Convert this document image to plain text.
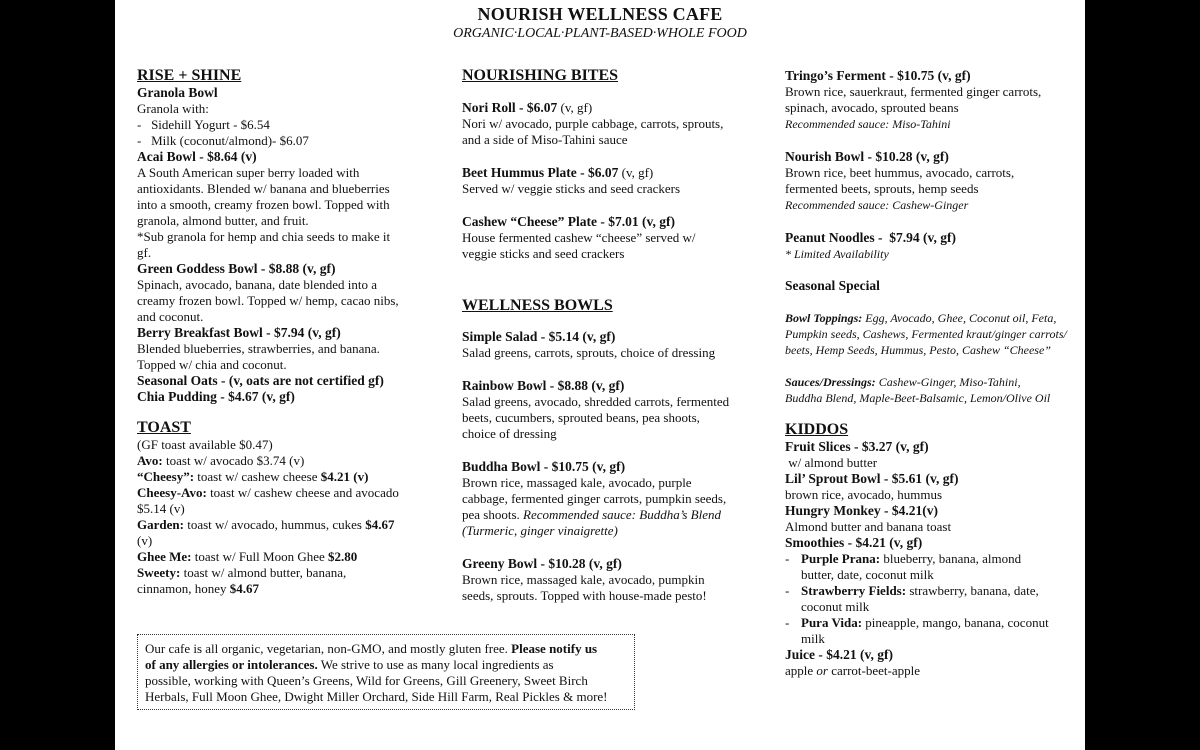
NOURISH WELLNESS CAFE
ORGANIC·LOCAL·PLANT-BASED·WHOLE FOOD
RISE + SHINE
Granola Bowl
Granola with:
-   Sidehill Yogurt - $6.54
-   Milk (coconut/almond)- $6.07
Acai Bowl - $8.64 (v)
A South American super berry loaded with
antioxidants. Blended w/ banana and blueberries
into a smooth, creamy frozen bowl. Topped with
granola, almond butter, and fruit.
*Sub granola for hemp and chia seeds to make it
gf.
Green Goddess Bowl - $8.88 (v, gf)
Spinach, avocado, banana, date blended into a
creamy frozen bowl. Topped w/ hemp, cacao nibs,
and coconut.
Berry Breakfast Bowl - $7.94 (v, gf)
Blended blueberries, strawberries, and banana.
Topped w/ chia and coconut.
Seasonal Oats - (v, oats are not certified gf)
Chia Pudding - $4.67 (v, gf)
TOAST
(GF toast available $0.47)
Avo: toast w/ avocado $3.74 (v)
“Cheesy”: toast w/ cashew cheese $4.21 (v)
Cheesy-Avo: toast w/ cashew cheese and avocado
$5.14 (v)
Garden: toast w/ avocado, hummus, cukes $4.67
(v)
Ghee Me: toast w/ Full Moon Ghee $2.80
Sweety: toast w/ almond butter, banana,
cinnamon, honey $4.67
Our cafe is all organic, vegetarian, non-GMO, and mostly gluten free. Please notify us
of any allergies or intolerances. We strive to use as many local ingredients as
possible, working with Queen’s Greens, Wild for Greens, Gill Greenery, Sweet Birch
Herbals, Full Moon Ghee, Dwight Miller Orchard, Side Hill Farm, Real Pickles & more!
NOURISHING BITES
Nori Roll - $6.07 (v, gf)
Nori w/ avocado, purple cabbage, carrots, sprouts,
and a side of Miso-Tahini sauce
Beet Hummus Plate - $6.07 (v, gf)
Served w/ veggie sticks and seed crackers
Cashew “Cheese” Plate - $7.01 (v, gf)
House fermented cashew “cheese” served w/
veggie sticks and seed crackers
WELLNESS BOWLS
Simple Salad - $5.14 (v, gf)
Salad greens, carrots, sprouts, choice of dressing
Rainbow Bowl - $8.88 (v, gf)
Salad greens, avocado, shredded carrots, fermented
beets, cucumbers, sprouted beans, pea shoots,
choice of dressing
Buddha Bowl - $10.75 (v, gf)
Brown rice, massaged kale, avocado, purple
cabbage, fermented ginger carrots, pumpkin seeds,
pea shoots. Recommended sauce: Buddha’s Blend
(Turmeric, ginger vinaigrette)
Greeny Bowl - $10.28 (v, gf)
Brown rice, massaged kale, avocado, pumpkin
seeds, sprouts. Topped with house-made pesto!
Tringo’s Ferment - $10.75 (v, gf)
Brown rice, sauerkraut, fermented ginger carrots,
spinach, avocado, sprouted beans
Recommended sauce: Miso-Tahini
Nourish Bowl - $10.28 (v, gf)
Brown rice, beet hummus, avocado, carrots,
fermented beets, sprouts, hemp seeds
Recommended sauce: Cashew-Ginger
Peanut Noodles -  $7.94 (v, gf)
* Limited Availability
Seasonal Special
Bowl Toppings: Egg, Avocado, Ghee, Coconut oil, Feta,
Pumpkin seeds, Cashews, Fermented kraut/ginger carrots/
beets, Hemp Seeds, Hummus, Pesto, Cashew “Cheese”
Sauces/Dressings: Cashew-Ginger, Miso-Tahini,
Buddha Blend, Maple-Beet-Balsamic, Lemon/Olive Oil
KIDDOS
Fruit Slices - $3.27 (v, gf)
w/ almond butter
Lil’ Sprout Bowl - $5.61 (v, gf)
brown rice, avocado, hummus
Hungry Monkey - $4.21(v)
Almond butter and banana toast
Smoothies - $4.21 (v, gf)
- Purple Prana: blueberry, banana, almond
butter, date, coconut milk
- Strawberry Fields: strawberry, banana, date,
coconut milk
- Pura Vida: pineapple, mango, banana, coconut
milk
Juice - $4.21 (v, gf)
apple or carrot-beet-apple
